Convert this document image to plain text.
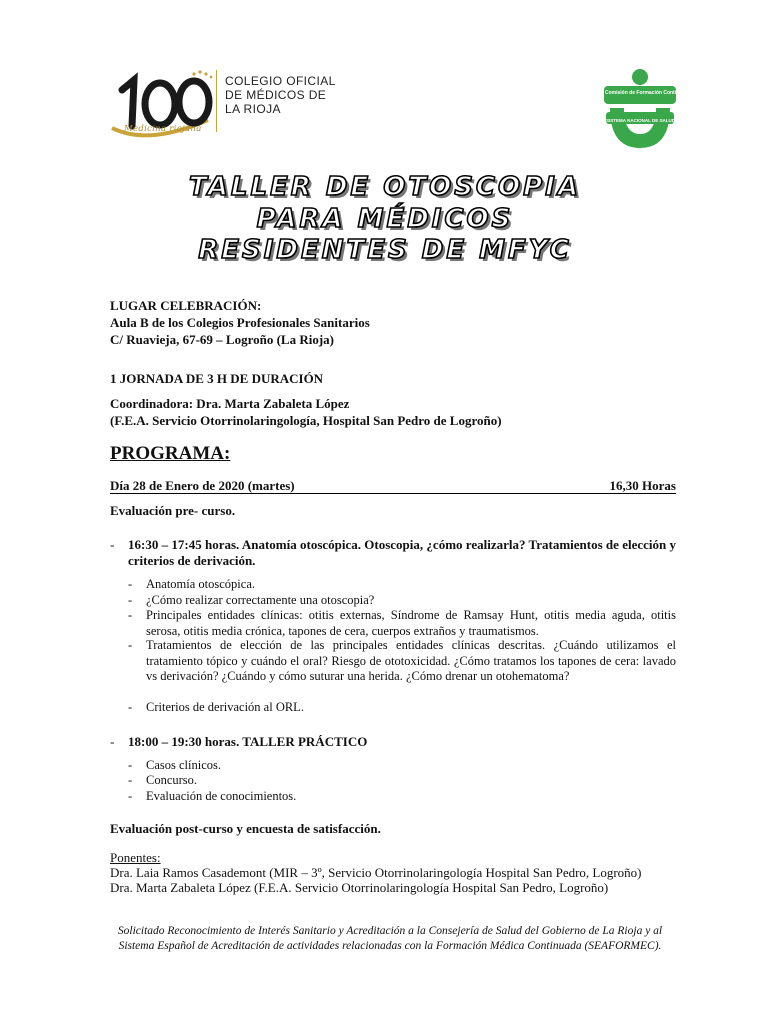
Medicina riojana
COLEGIO OFICIAL
DE MÉDICOS DE
LA RIOJA
Comisión de Formación Continuada
SISTEMA NACIONAL DE SALUD
TALLER DE OTOSCOPIA
PARA MÉDICOS
RESIDENTES DE MFYC
LUGAR CELEBRACIÓN:
Aula B de los Colegios Profesionales Sanitarios
C/ Ruavieja, 67-69 – Logroño (La Rioja)
1 JORNADA DE 3 H DE DURACIÓN
Coordinadora: Dra. Marta Zabaleta López
(F.E.A. Servicio Otorrinolaringología, Hospital San Pedro de Logroño)
PROGRAMA:
Día 28 de Enero de 2020 (martes)	16,30 Horas
Evaluación pre- curso.
- 16:30 – 17:45 horas. Anatomía otoscópica. Otoscopia, ¿cómo realizarla? Tratamientos de elección y criterios de derivación.
- Anatomía otoscópica.
- ¿Cómo realizar correctamente una otoscopia?
- Principales entidades clínicas: otitis externas, Síndrome de Ramsay Hunt, otitis media aguda, otitis serosa, otitis media crónica, tapones de cera, cuerpos extraños y traumatismos.
- Tratamientos de elección de las principales entidades clínicas descritas. ¿Cuándo utilizamos el tratamiento tópico y cuándo el oral? Riesgo de ototoxicidad. ¿Cómo tratamos los tapones de cera: lavado vs derivación? ¿Cuándo y cómo suturar una herida. ¿Cómo drenar un otohematoma?
- Criterios de derivación al ORL.
- 18:00 – 19:30 horas. TALLER PRÁCTICO
- Casos clínicos.
- Concurso.
- Evaluación de conocimientos.
Evaluación post-curso y encuesta de satisfacción.
Ponentes:
Dra. Laia Ramos Casademont (MIR – 3º, Servicio Otorrinolaringología Hospital San Pedro, Logroño)
Dra. Marta Zabaleta López (F.E.A. Servicio Otorrinolaringología Hospital San Pedro, Logroño)
Solicitado Reconocimiento de Interés Sanitario y Acreditación a la Consejería de Salud del Gobierno de La Rioja y al Sistema Español de Acreditación de actividades relacionadas con la Formación Médica Continuada (SEAFORMEC).
